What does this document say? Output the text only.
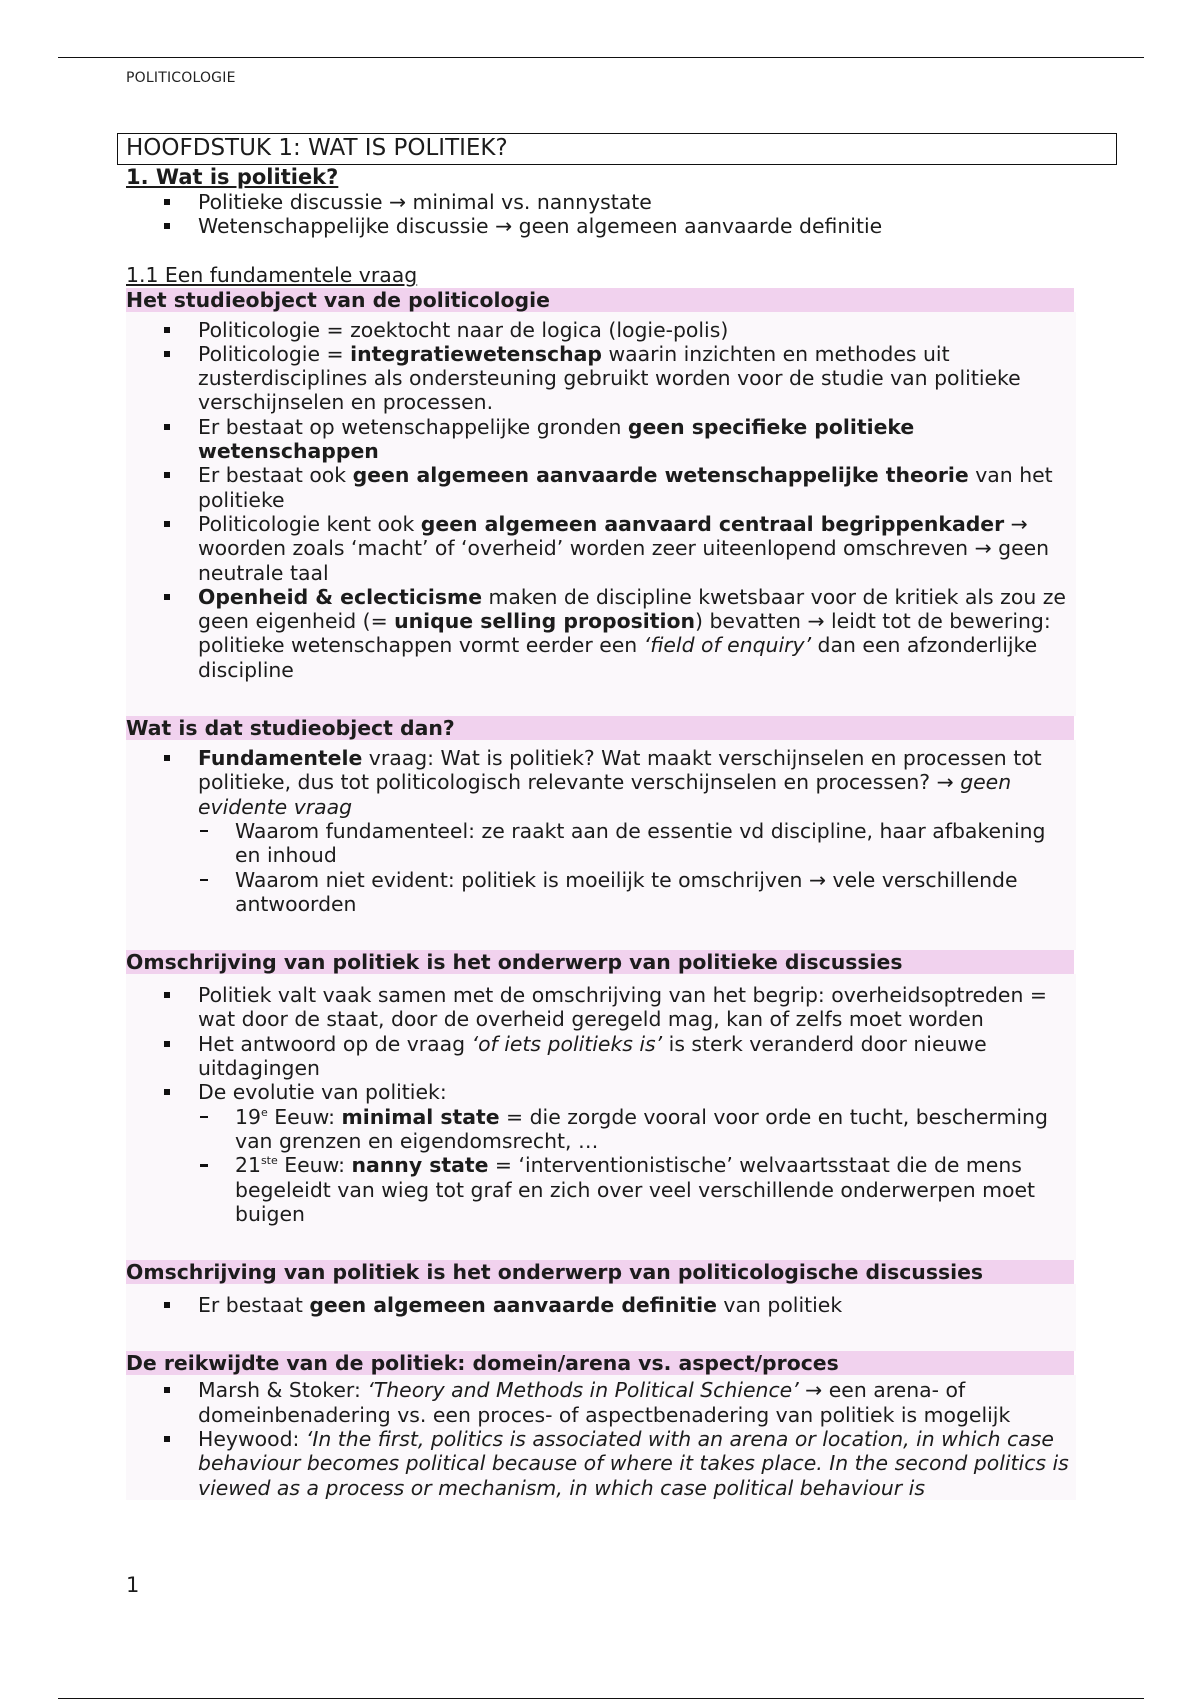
POLITICOLOGIE
HOOFDSTUK 1: WAT IS POLITIEK?
1. Wat is politiek?
Politieke discussie → minimal vs. nannystate
Wetenschappelijke discussie → geen algemeen aanvaarde definitie
1.1 Een fundamentele vraag
Het studieobject van de politicologie
Politicologie = zoektocht naar de logica (logie-polis)
Politicologie = integratiewetenschap waarin inzichten en methodes uit zusterdisciplines als ondersteuning gebruikt worden voor de studie van politieke verschijnselen en processen.
Er bestaat op wetenschappelijke gronden geen specifieke politieke wetenschappen
Er bestaat ook geen algemeen aanvaarde wetenschappelijke theorie van het politieke
Politicologie kent ook geen algemeen aanvaard centraal begrippenkader → woorden zoals ‘macht’ of ‘overheid’ worden zeer uiteenlopend omschreven → geen neutrale taal
Openheid & eclecticisme maken de discipline kwetsbaar voor de kritiek als zou ze geen eigenheid (= unique selling proposition) bevatten → leidt tot de bewering: politieke wetenschappen vormt eerder een ‘field of enquiry’ dan een afzonderlijke discipline
Wat is dat studieobject dan?
Fundamentele vraag: Wat is politiek? Wat maakt verschijnselen en processen tot politieke, dus tot politicologisch relevante verschijnselen en processen? → geen evidente vraag
Waarom fundamenteel: ze raakt aan de essentie vd discipline, haar afbakening en inhoud
Waarom niet evident: politiek is moeilijk te omschrijven → vele verschillende antwoorden
Omschrijving van politiek is het onderwerp van politieke discussies
Politiek valt vaak samen met de omschrijving van het begrip: overheidsoptreden = wat door de staat, door de overheid geregeld mag, kan of zelfs moet worden
Het antwoord op de vraag ‘of iets politieks is’ is sterk veranderd door nieuwe uitdagingen
De evolutie van politiek:
19e Eeuw: minimal state = die zorgde vooral voor orde en tucht, bescherming van grenzen en eigendomsrecht, …
21ste Eeuw: nanny state = ‘interventionistische’ welvaartsstaat die de mens begeleidt van wieg tot graf en zich over veel verschillende onderwerpen moet buigen
Omschrijving van politiek is het onderwerp van politicologische discussies
Er bestaat geen algemeen aanvaarde definitie van politiek
De reikwijdte van de politiek: domein/arena vs. aspect/proces
Marsh & Stoker: ‘Theory and Methods in Political Schience’ → een arena- of domeinbenadering vs. een proces- of aspectbenadering van politiek is mogelijk
Heywood: ‘In the first, politics is associated with an arena or location, in which case behaviour becomes political because of where it takes place. In the second politics is viewed as a process or mechanism, in which case political behaviour is
1
